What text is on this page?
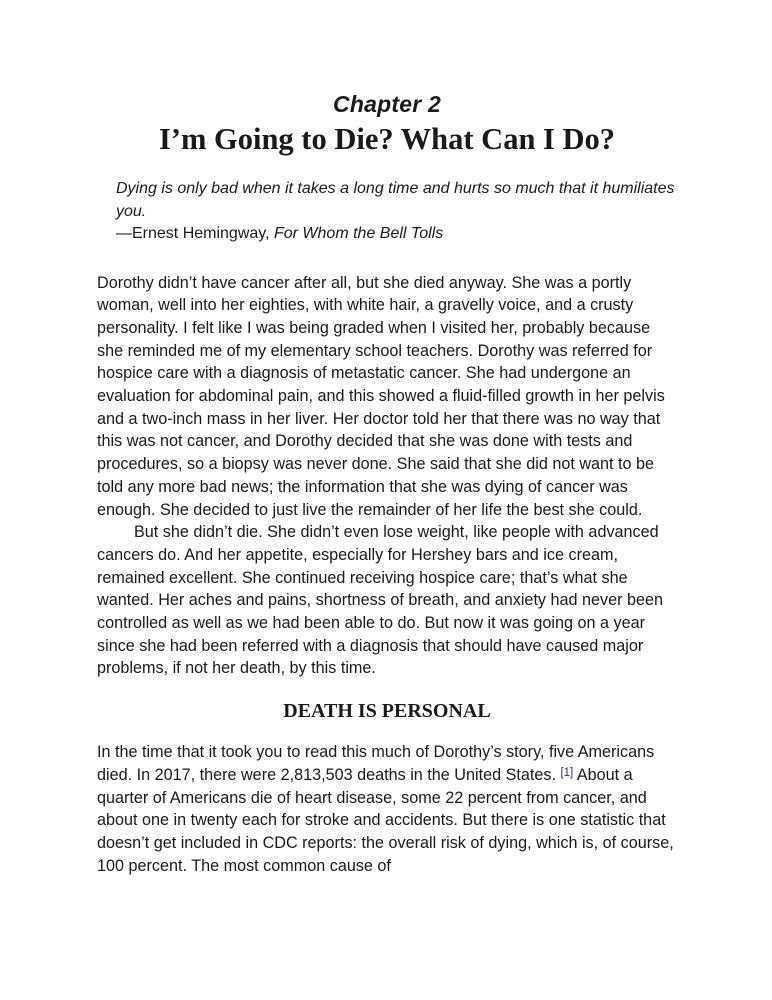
Chapter 2
I’m Going to Die? What Can I Do?

Dying is only bad when it takes a long time and hurts so much that it humiliates you.

—Ernest Hemingway, For Whom the Bell Tolls

Dorothy didn’t have cancer after all, but she died anyway. She was a portly woman, well into her eighties, with white hair, a gravelly voice, and a crusty personality. I felt like I was being graded when I visited her, probably because she reminded me of my elementary school teachers. Dorothy was referred for hospice care with a diagnosis of metastatic cancer. She had undergone an evaluation for abdominal pain, and this showed a fluid-filled growth in her pelvis and a two-inch mass in her liver. Her doctor told her that there was no way that this was not cancer, and Dorothy decided that she was done with tests and procedures, so a biopsy was never done. She said that she did not want to be told any more bad news; the information that she was dying of cancer was enough. She decided to just live the remainder of her life the best she could.

But she didn’t die. She didn’t even lose weight, like people with advanced cancers do. And her appetite, especially for Hershey bars and ice cream, remained excellent. She continued receiving hospice care; that’s what she wanted. Her aches and pains, shortness of breath, and anxiety had never been controlled as well as we had been able to do. But now it was going on a year since she had been referred with a diagnosis that should have caused major problems, if not her death, by this time.

DEATH IS PERSONAL

In the time that it took you to read this much of Dorothy’s story, five Americans died. In 2017, there were 2,813,503 deaths in the United States. [1] About a quarter of Americans die of heart disease, some 22 percent from cancer, and about one in twenty each for stroke and accidents. But there is one statistic that doesn’t get included in CDC reports: the overall risk of dying, which is, of course, 100 percent. The most common cause of
